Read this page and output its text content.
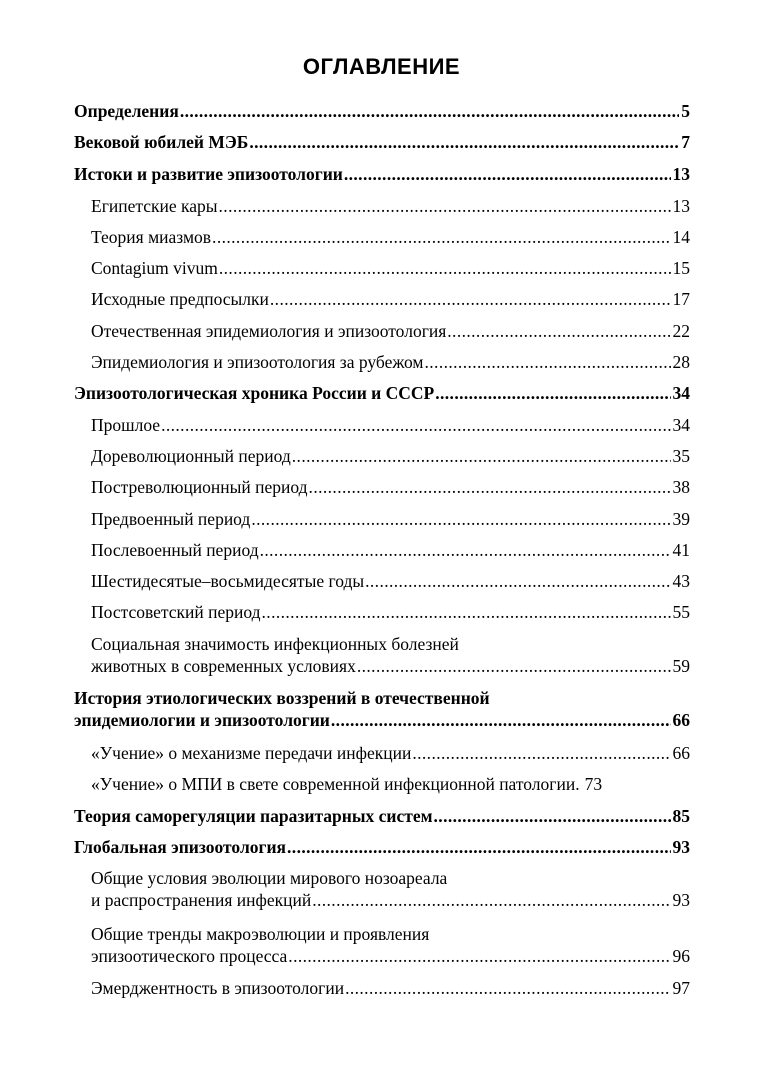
ОГЛАВЛЕНИЕ
Определения .....	5
Вековой юбилей МЭБ .....	7
Истоки и развитие эпизоотологии .....	13
Египетские кары .....	13
Теория миазмов .....	14
Contagium vivum .....	15
Исходные предпосылки .....	17
Отечественная эпидемиология и эпизоотология .....	22
Эпидемиология и эпизоотология за рубежом .....	28
Эпизоотологическая хроника России и СССР .....	34
Прошлое .....	34
Дореволюционный период .....	35
Постреволюционный период .....	38
Предвоенный период .....	39
Послевоенный период .....	41
Шестидесятые–восьмидесятые годы .....	43
Постсоветский период .....	55
Социальная значимость инфекционных болезней
животных в современных условиях .....	59
История этиологических воззрений в отечественной
эпидемиологии и эпизоотологии .....	66
«Учение» о механизме передачи инфекции .....	66
«Учение» о МПИ в свете современной инфекционной патологии. 73
Теория саморегуляции паразитарных систем .....	85
Глобальная эпизоотология .....	93
Общие условия эволюции мирового нозоареала
и распространения инфекций .....	93
Общие тренды макроэволюции и проявления
эпизоотического процесса .....	96
Эмерджентность в эпизоотологии .....	97
